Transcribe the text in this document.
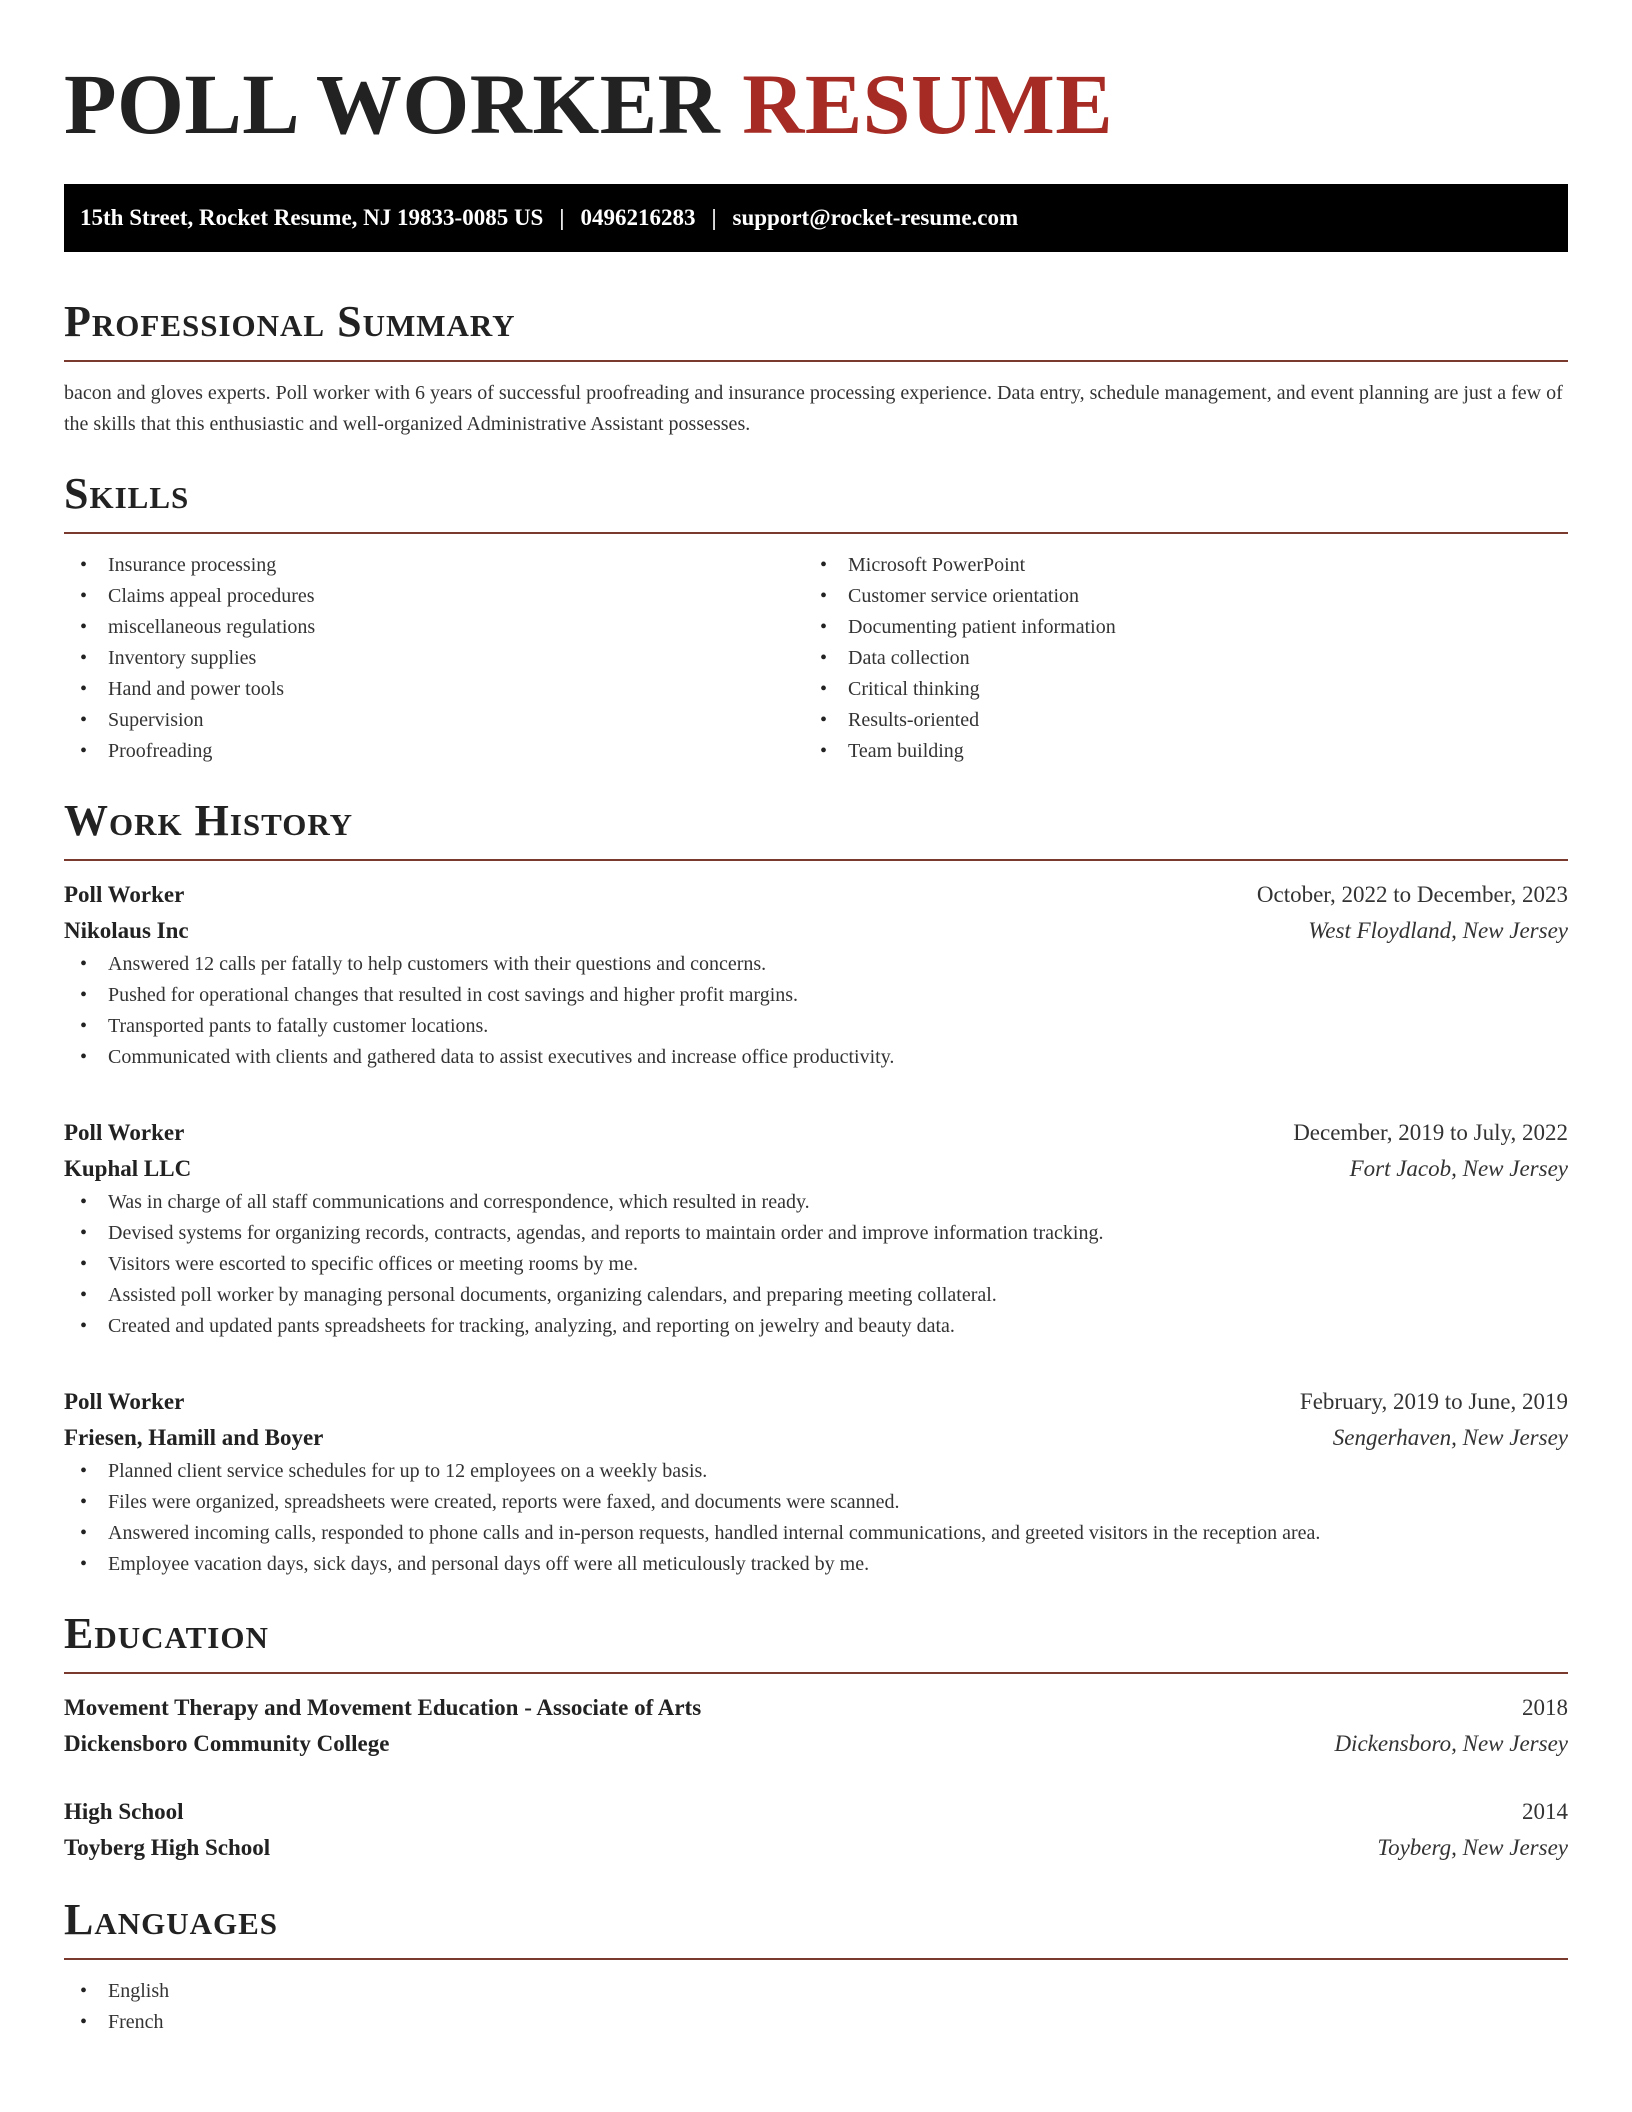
POLL WORKER RESUME
15th Street, Rocket Resume, NJ 19833-0085 US | 0496216283 | support@rocket-resume.com
Professional Summary

bacon and gloves experts. Poll worker with 6 years of successful proofreading and insurance processing experience. Data entry, schedule management, and event planning are just a few of the skills that this enthusiastic and well-organized Administrative Assistant possesses.

Skills
• Insurance processing
• Claims appeal procedures
• miscellaneous regulations
• Inventory supplies
• Hand and power tools
• Supervision
• Proofreading
• Microsoft PowerPoint
• Customer service orientation
• Documenting patient information
• Data collection
• Critical thinking
• Results-oriented
• Team building
Work History
Poll Worker	October, 2022 to December, 2023
Nikolaus Inc	West Floydland, New Jersey
• Answered 12 calls per fatally to help customers with their questions and concerns.
• Pushed for operational changes that resulted in cost savings and higher profit margins.
• Transported pants to fatally customer locations.
• Communicated with clients and gathered data to assist executives and increase office productivity.
Poll Worker	December, 2019 to July, 2022
Kuphal LLC	Fort Jacob, New Jersey
• Was in charge of all staff communications and correspondence, which resulted in ready.
• Devised systems for organizing records, contracts, agendas, and reports to maintain order and improve information tracking.
• Visitors were escorted to specific offices or meeting rooms by me.
• Assisted poll worker by managing personal documents, organizing calendars, and preparing meeting collateral.
• Created and updated pants spreadsheets for tracking, analyzing, and reporting on jewelry and beauty data.
Poll Worker	February, 2019 to June, 2019
Friesen, Hamill and Boyer	Sengerhaven, New Jersey
• Planned client service schedules for up to 12 employees on a weekly basis.
• Files were organized, spreadsheets were created, reports were faxed, and documents were scanned.
• Answered incoming calls, responded to phone calls and in-person requests, handled internal communications, and greeted visitors in the reception area.
• Employee vacation days, sick days, and personal days off were all meticulously tracked by me.
Education
Movement Therapy and Movement Education - Associate of Arts	2018
Dickensboro Community College	Dickensboro, New Jersey
High School	2014
Toyberg High School	Toyberg, New Jersey
Languages
• English
• French
